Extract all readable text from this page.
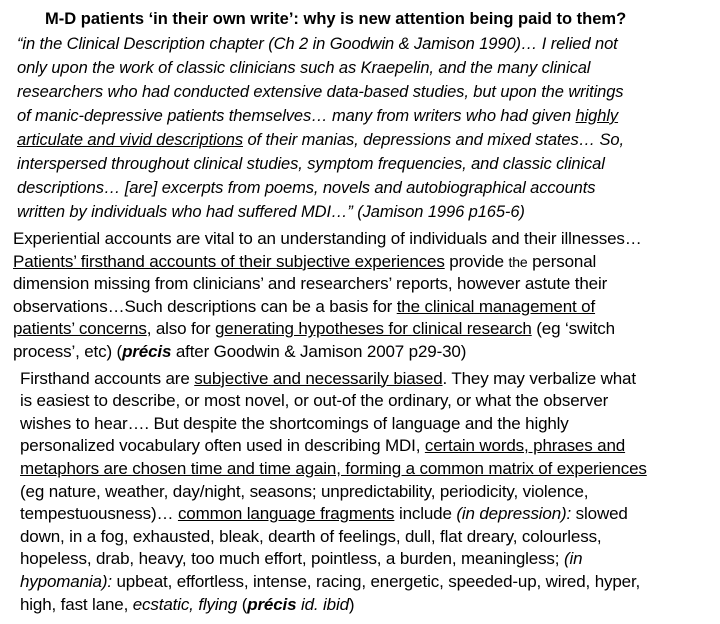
M-D patients ‘in their own write’: why is new attention being paid to them?
“in the Clinical Description chapter (Ch 2 in Goodwin & Jamison 1990)… I relied not
only upon the work of classic clinicians such as Kraepelin, and the many clinical
researchers who had conducted extensive data-based studies, but upon the writings
of manic-depressive patients themselves… many from writers who had given highly
articulate and vivid descriptions of their manias, depressions and mixed states… So,
interspersed throughout clinical studies, symptom frequencies, and classic clinical
descriptions… [are] excerpts from poems, novels and autobiographical accounts
written by individuals who had suffered MDI…” (Jamison 1996 p165-6)
Experiential accounts are vital to an understanding of individuals and their illnesses…
Patients’ firsthand accounts of their subjective experiences provide the personal
dimension missing from clinicians’ and researchers’ reports, however astute their
observations…Such descriptions can be a basis for the clinical management of
patients’ concerns, also for generating hypotheses for clinical research (eg ‘switch
process’, etc) (précis after Goodwin & Jamison 2007 p29-30)
Firsthand accounts are subjective and necessarily biased. They may verbalize what
is easiest to describe, or most novel, or out-of the ordinary, or what the observer
wishes to hear…. But despite the shortcomings of language and the highly
personalized vocabulary often used in describing MDI, certain words, phrases and
metaphors are chosen time and time again, forming a common matrix of experiences
(eg nature, weather, day/night, seasons; unpredictability, periodicity, violence,
tempestuousness)… common language fragments include (in depression): slowed
down, in a fog, exhausted, bleak, dearth of feelings, dull, flat dreary, colourless,
hopeless, drab, heavy, too much effort, pointless, a burden, meaningless; (in
hypomania): upbeat, effortless, intense, racing, energetic, speeded-up, wired, hyper,
high, fast lane, ecstatic, flying (précis id. ibid)
